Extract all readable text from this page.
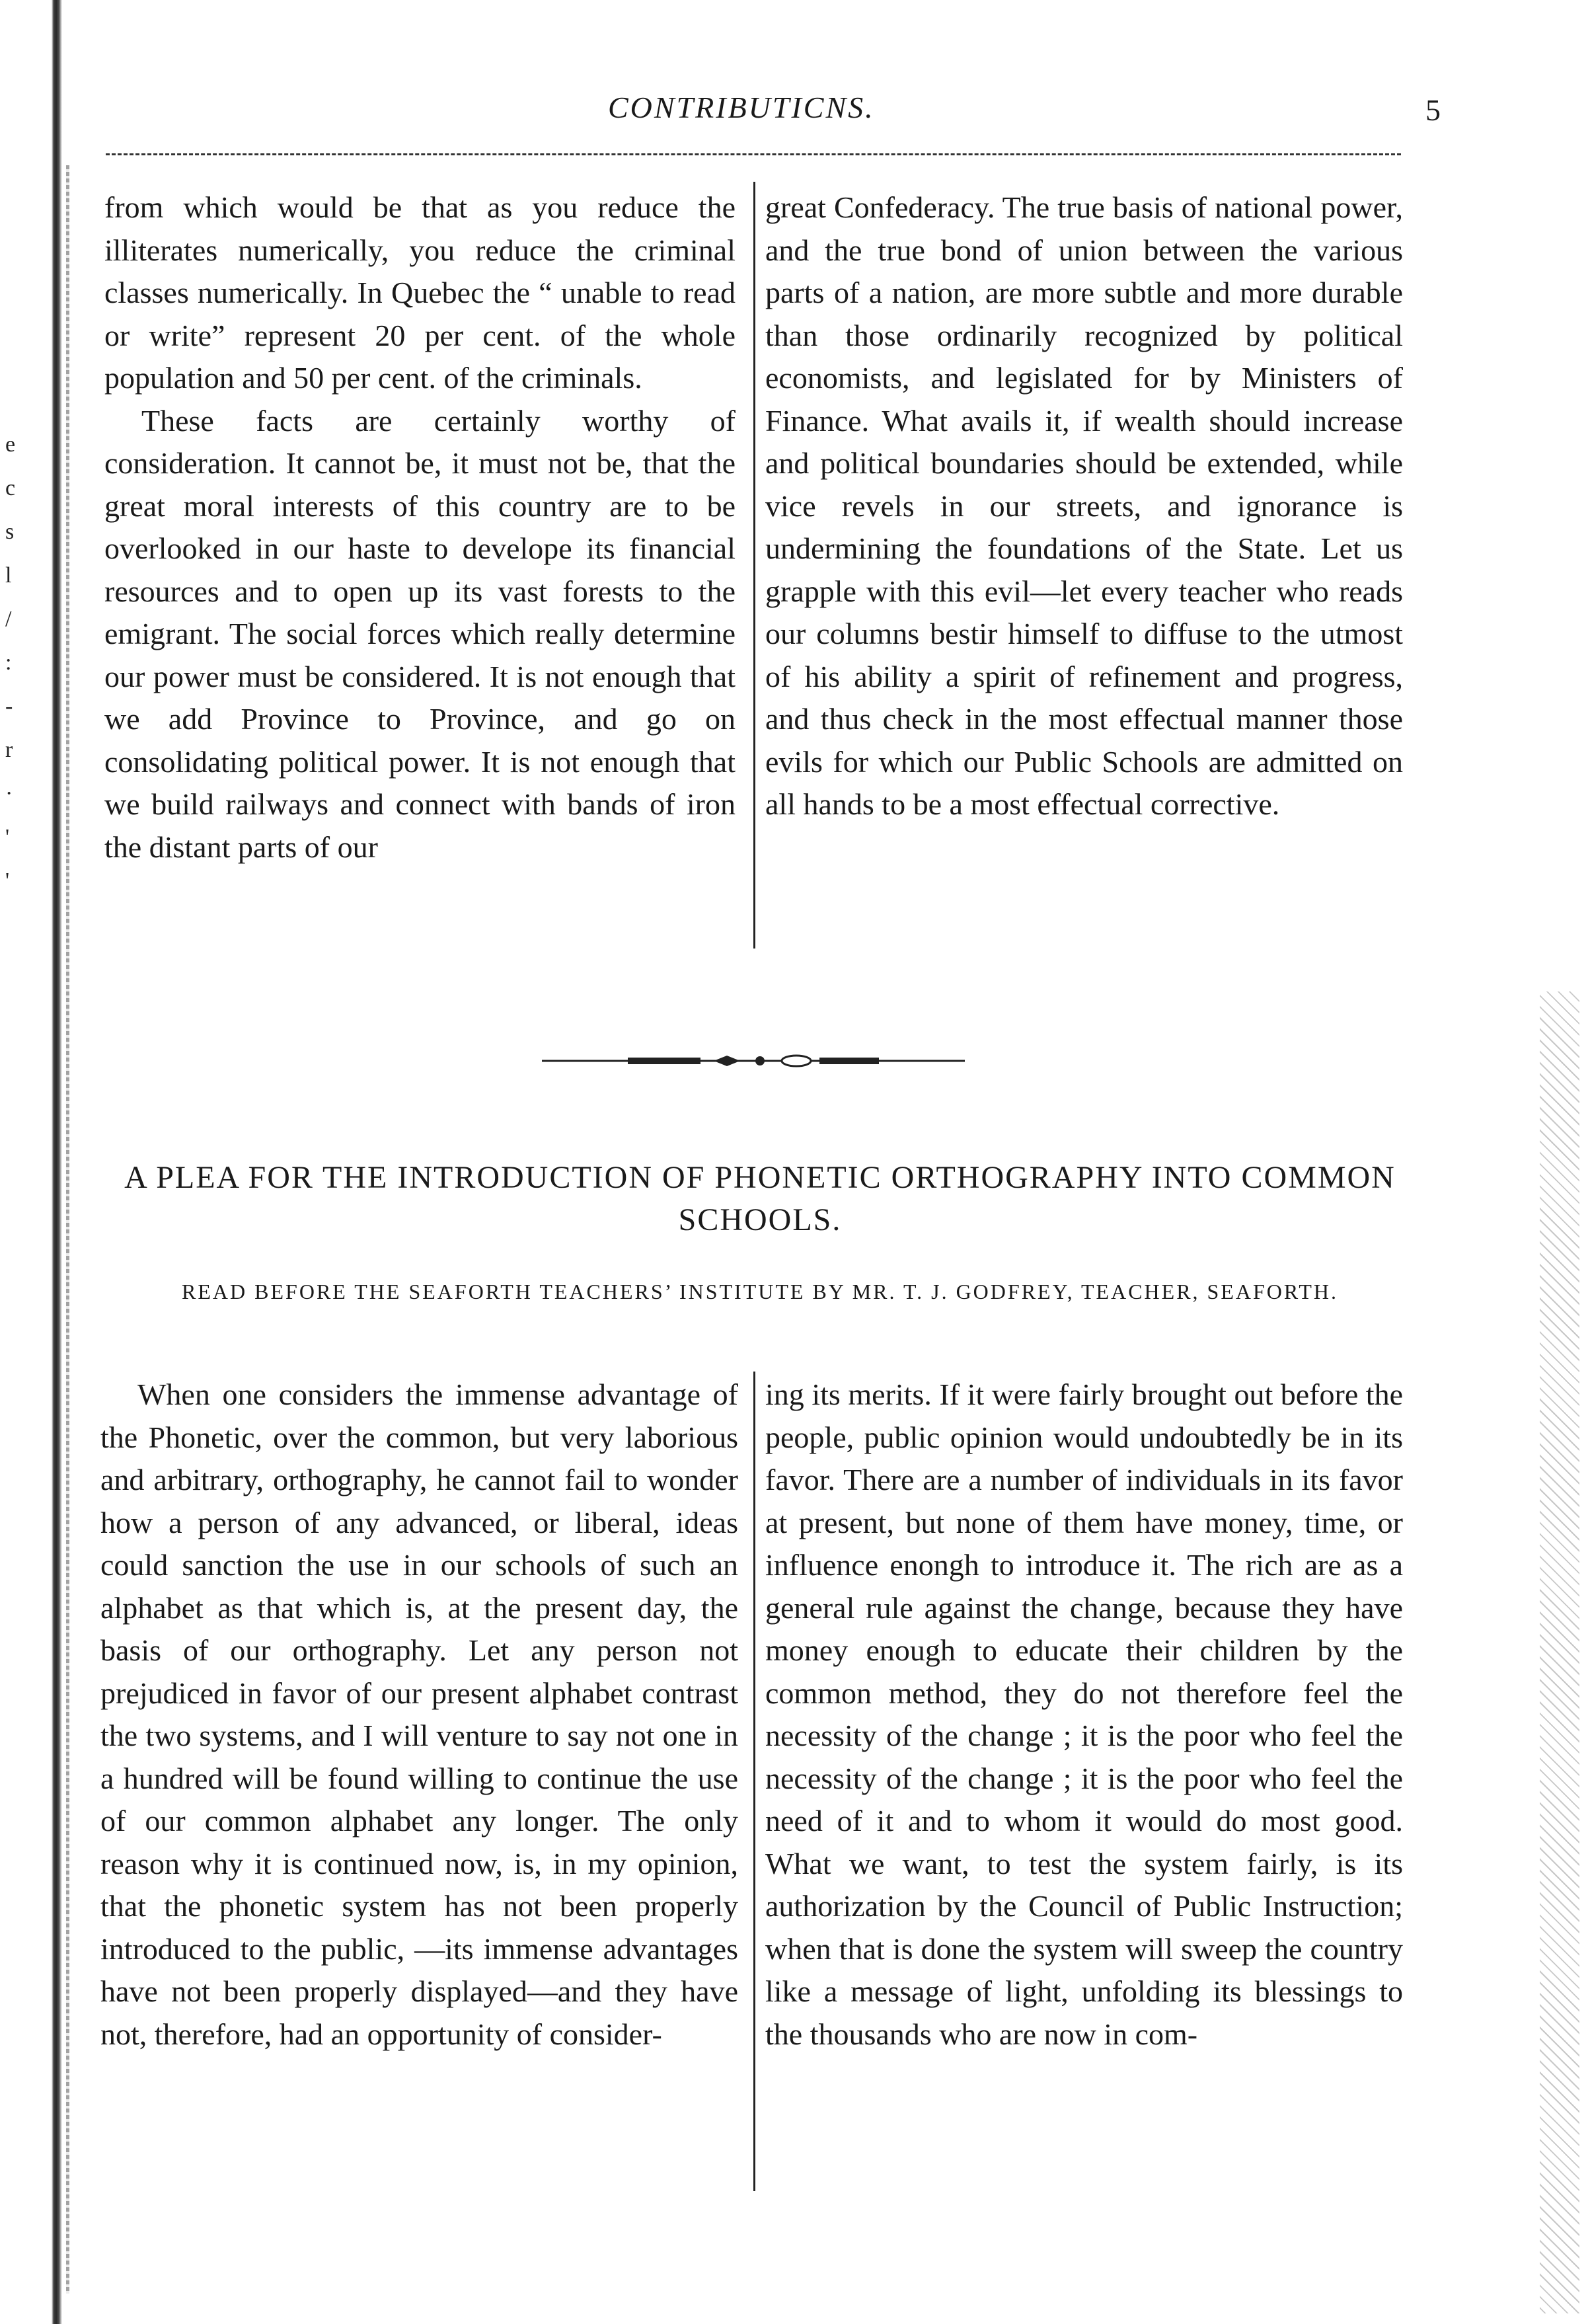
e
c
s
l
/
:
-
r
·
'
'
CONTRIBUTICNS.	5

from which would be that as you reduce the illiterates numerically, you reduce the criminal classes numerically. In Quebec the “ unable to read or write” represent 20 per cent. of the whole population and 50 per cent. of the criminals.

These facts are certainly worthy of consideration. It cannot be, it must not be, that the great moral interests of this country are to be overlooked in our haste to develope its financial resources and to open up its vast forests to the emigrant. The social forces which really determine our power must be considered. It is not enough that we add Province to Province, and go on consolidating political power. It is not enough that we build railways and connect with bands of iron the distant parts of our

great Confederacy. The true basis of national power, and the true bond of union between the various parts of a nation, are more subtle and more durable than those ordinarily recognized by political economists, and legislated for by Ministers of Finance. What avails it, if wealth should increase and political boundaries should be extended, while vice revels in our streets, and ignorance is undermining the foundations of the State. Let us grapple with this evil—let every teacher who reads our columns bestir himself to diffuse to the utmost of his ability a spirit of refinement and progress, and thus check in the most effectual manner those evils for which our Public Schools are admitted on all hands to be a most effectual corrective.

A PLEA FOR THE INTRODUCTION OF PHONETIC ORTHOGRAPHY INTO COMMON SCHOOLS.
READ BEFORE THE SEAFORTH TEACHERS’ INSTITUTE BY MR. T. J. GODFREY, TEACHER, SEAFORTH.

When one considers the immense advantage of the Phonetic, over the common, but very laborious and arbitrary, orthography, he cannot fail to wonder how a person of any advanced, or liberal, ideas could sanction the use in our schools of such an alphabet as that which is, at the present day, the basis of our orthography. Let any person not prejudiced in favor of our present alphabet contrast the two systems, and I will venture to say not one in a hundred will be found willing to continue the use of our common alphabet any longer. The only reason why it is continued now, is, in my opinion, that the phonetic system has not been properly introduced to the public, —its immense advantages have not been properly displayed—and they have not, therefore, had an opportunity of consider-

ing its merits. If it were fairly brought out before the people, public opinion would undoubtedly be in its favor. There are a number of individuals in its favor at present, but none of them have money, time, or influence enongh to introduce it. The rich are as a general rule against the change, because they have money enough to educate their children by the common method, they do not therefore feel the necessity of the change ; it is the poor who feel the necessity of the change ; it is the poor who feel the need of it and to whom it would do most good. What we want, to test the system fairly, is its authorization by the Council of Public Instruction; when that is done the system will sweep the country like a message of light, unfolding its blessings to the thousands who are now in com-
